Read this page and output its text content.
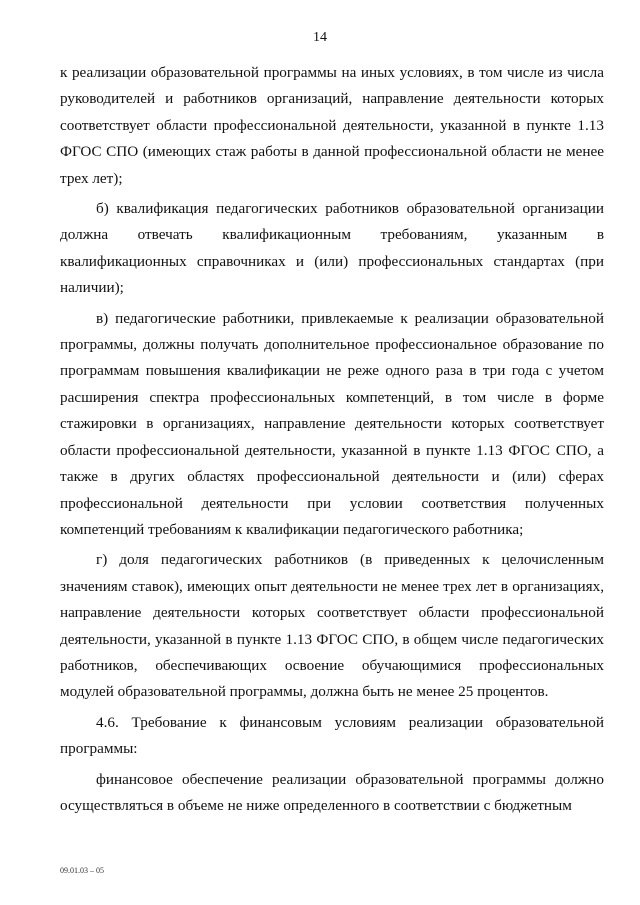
14

к реализации образовательной программы на иных условиях, в том числе из числа руководителей и работников организаций, направление деятельности которых соответствует области профессиональной деятельности, указанной в пункте 1.13 ФГОС СПО (имеющих стаж работы в данной профессиональной области не менее трех лет);

б) квалификация педагогических работников образовательной организации должна отвечать квалификационным требованиям, указанным в квалификационных справочниках и (или) профессиональных стандартах (при наличии);

в) педагогические работники, привлекаемые к реализации образовательной программы, должны получать дополнительное профессиональное образование по программам повышения квалификации не реже одного раза в три года с учетом расширения спектра профессиональных компетенций, в том числе в форме стажировки в организациях, направление деятельности которых соответствует области профессиональной деятельности, указанной в пункте 1.13 ФГОС СПО, а также в других областях профессиональной деятельности и (или) сферах профессиональной деятельности при условии соответствия полученных компетенций требованиям к квалификации педагогического работника;

г) доля педагогических работников (в приведенных к целочисленным значениям ставок), имеющих опыт деятельности не менее трех лет в организациях, направление деятельности которых соответствует области профессиональной деятельности, указанной в пункте 1.13 ФГОС СПО, в общем числе педагогических работников, обеспечивающих освоение обучающимися профессиональных модулей образовательной программы, должна быть не менее 25 процентов.

4.6. Требование к финансовым условиям реализации образовательной программы:

финансовое обеспечение реализации образовательной программы должно осуществляться в объеме не ниже определенного в соответствии с бюджетным

09.01.03 – 05
